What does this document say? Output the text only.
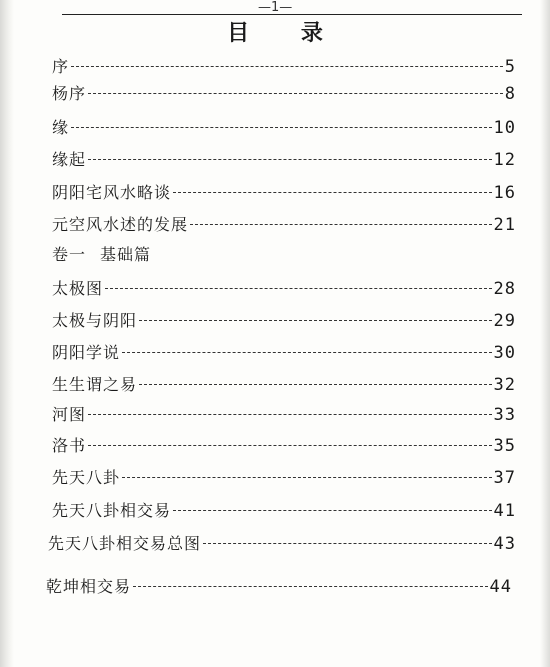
—1—
目 录
序	5
杨序	8
缘	10
缘起	12
阴阳宅风水略谈	16
元空风水述的发展	21
卷一 基础篇
太极图	28
太极与阴阳	29
阴阳学说	30
生生谓之易	32
河图	33
洛书	35
先天八卦	37
先天八卦相交易	41
先天八卦相交易总图	43
乾坤相交易	44
